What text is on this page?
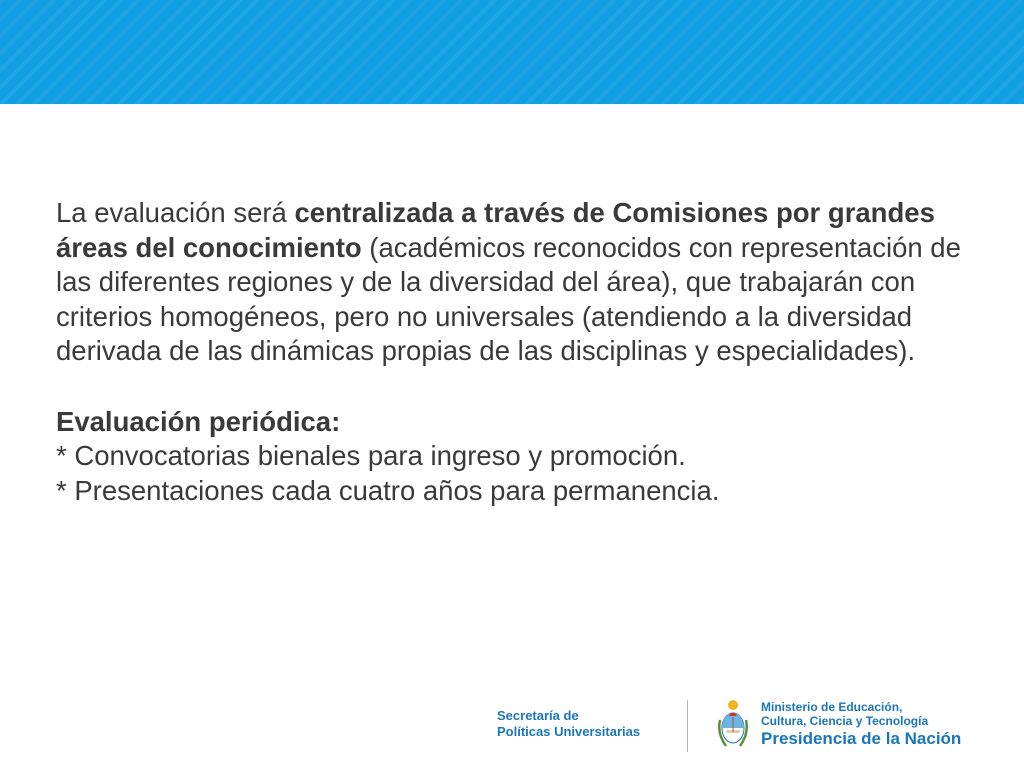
La evaluación será centralizada a través de Comisiones por grandes áreas del conocimiento (académicos reconocidos con representación de las diferentes regiones y de la diversidad del área), que trabajarán con criterios homogéneos, pero no universales (atendiendo a la diversidad derivada de las dinámicas propias de las disciplinas y especialidades).

Evaluación periódica:

* Convocatorias bienales para ingreso y promoción.

* Presentaciones cada cuatro años para permanencia.

Secretaría de
Políticas Universitarias
Ministerio de Educación,
Cultura, Ciencia y Tecnología
Presidencia de la Nación
